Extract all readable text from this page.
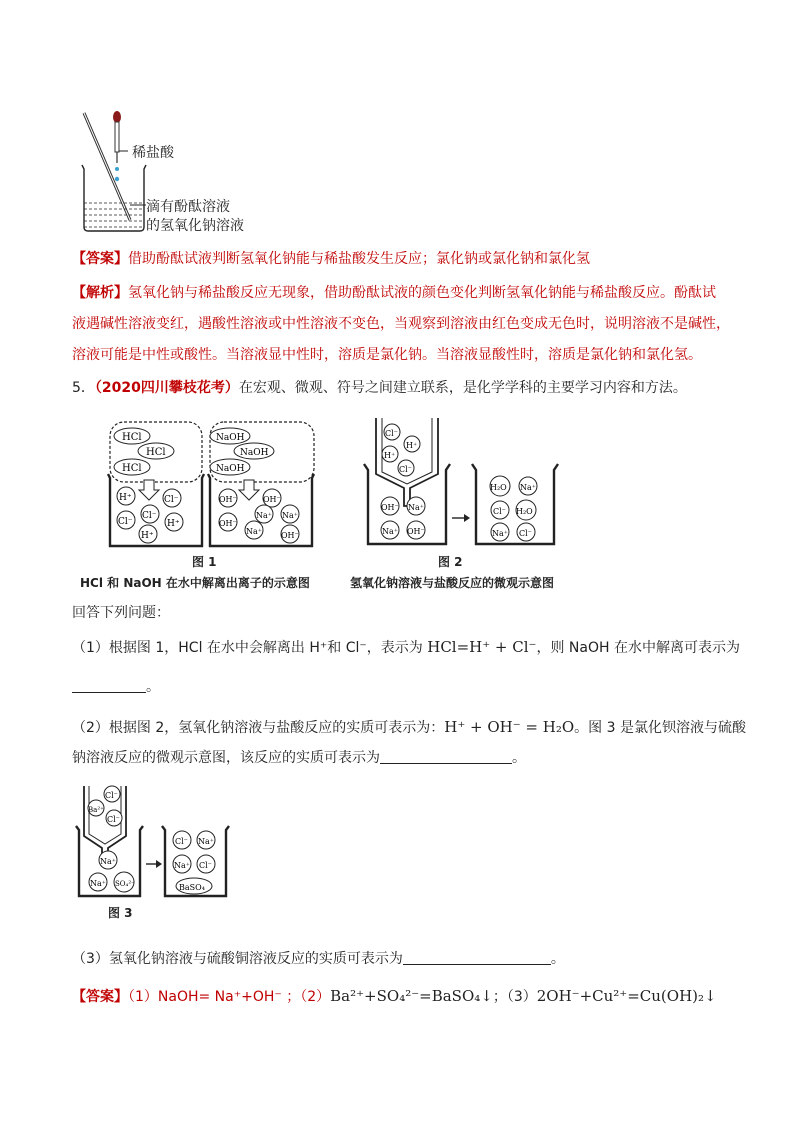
稀盐酸
滴有酚酞溶液
的氢氧化钠溶液
【答案】借助酚酞试液判断氢氧化钠能与稀盐酸发生反应；氯化钠或氯化钠和氯化氢
【解析】氢氧化钠与稀盐酸反应无现象，借助酚酞试液的颜色变化判断氢氧化钠能与稀盐酸反应。酚酞试
液遇碱性溶液变红，遇酸性溶液或中性溶液不变色，当观察到溶液由红色变成无色时，说明溶液不是碱性，
溶液可能是中性或酸性。当溶液显中性时，溶质是氯化钠。当溶液显酸性时，溶质是氯化钠和氯化氢。
5．（2020四川攀枝花考）在宏观、微观、符号之间建立联系，是化学学科的主要学习内容和方法。
HCl
HCl
HCl
NaOH
NaOH
NaOH
H⁺
Cl⁻
Cl⁻
Cl⁻
H⁺
H⁺
OH⁻	OH⁻
Na⁺
OH⁻
Na⁺ OH⁻
Na⁺
图 1
HCl 和 NaOH 在水中解离出离子的示意图
Cl⁻
H⁺
H⁺
Cl⁻
OH⁻ Na⁺
Na⁺ OH⁻
H₂O Na⁺
Cl⁻ H₂O
Na⁺ Cl⁻
图 2
氢氧化钠溶液与盐酸反应的微观示意图
回答下列问题：
（1）根据图 1，HCl 在水中会解离出 H⁺和 Cl⁻，表示为 HCl=H⁺ + Cl⁻，则 NaOH 在水中解离可表示为
。
（2）根据图 2，氢氧化钠溶液与盐酸反应的实质可表示为：H⁺ + OH⁻ = H₂O。图 3 是氯化钡溶液与硫酸
钠溶液反应的微观示意图，该反应的实质可表示为	。
Cl⁻
Ba²⁺
Cl⁻
Na⁺
Na⁺ SO₄²⁻
Cl⁻ Na⁺
Na⁺ Cl⁻
BaSO₄
图 3
（3）氢氧化钠溶液与硫酸铜溶液反应的实质可表示为	。
【答案】（1）NaOH= Na⁺+OH⁻ ；（2）Ba²⁺+SO₄²⁻=BaSO₄↓；（3）2OH⁻+Cu²⁺=Cu(OH)₂↓
